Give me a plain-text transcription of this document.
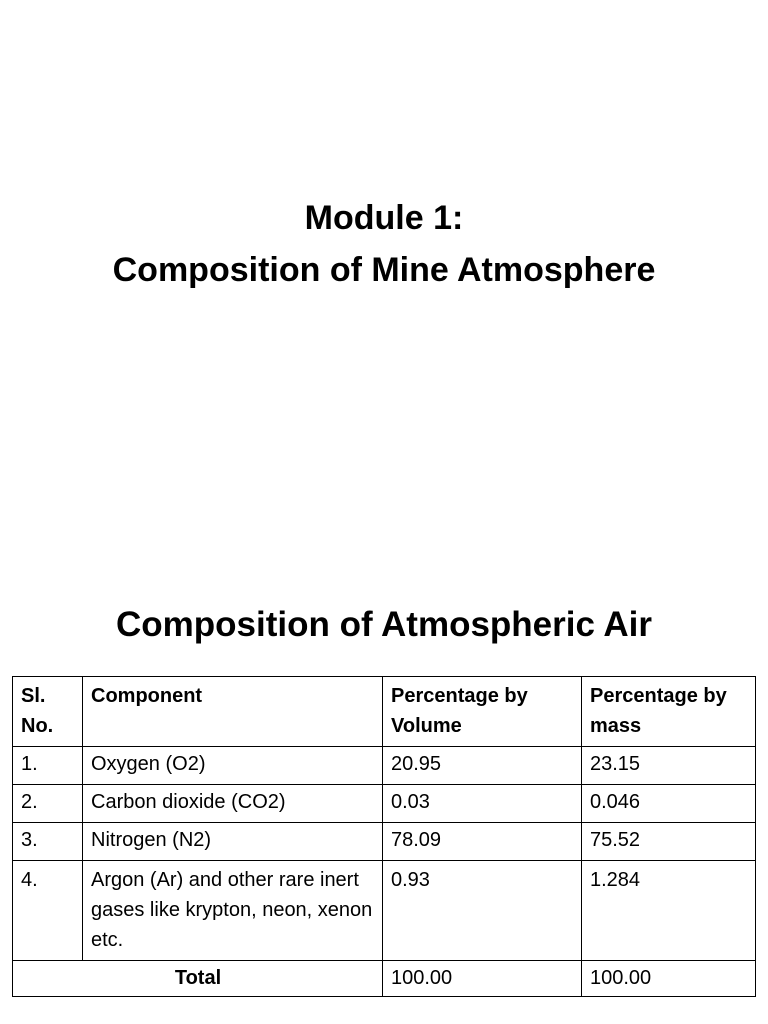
Module 1:
Composition of Mine Atmosphere
Composition of Atmospheric Air
Sl. No.	Component	Percentage by Volume	Percentage by mass
1.	Oxygen (O2)	20.95	23.15
2.	Carbon dioxide (CO2)	0.03	0.046
3.	Nitrogen (N2)	78.09	75.52
4.	Argon (Ar) and other rare inert gases like krypton, neon, xenon etc.	0.93	1.284
Total		100.00	100.00
